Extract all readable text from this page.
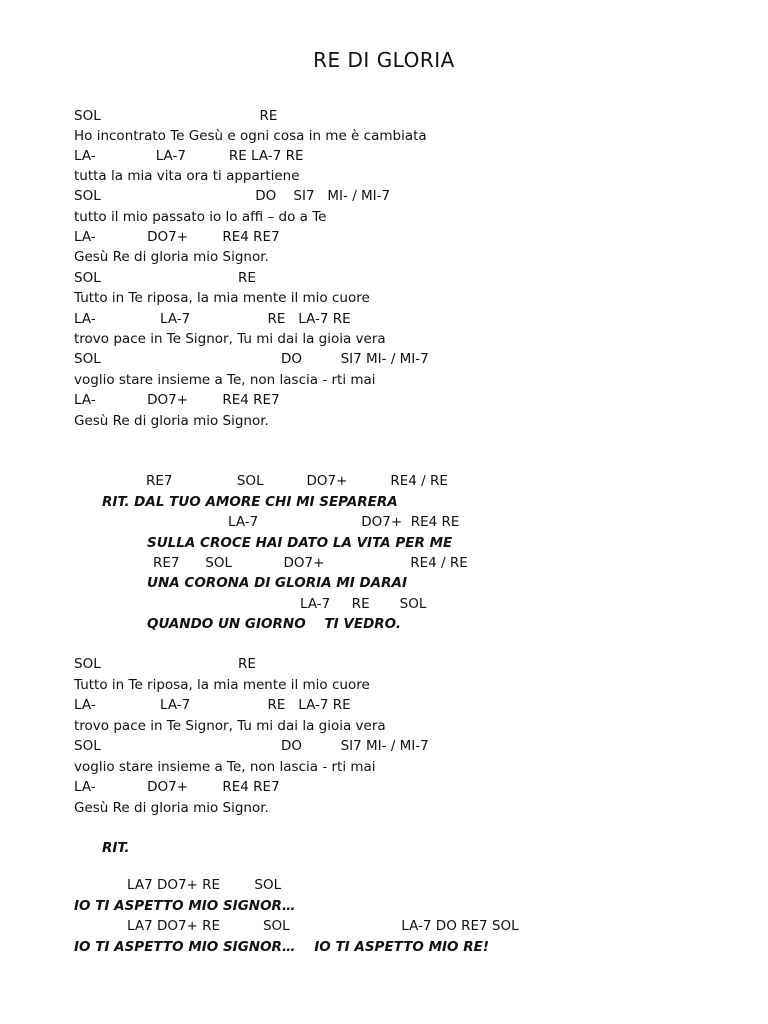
RE DI GLORIA
SOL                                     RE
Ho incontrato Te Gesù e ogni cosa in me è cambiata
LA-              LA-7          RE LA-7 RE
tutta la mia vita ora ti appartiene
SOL                                    DO    SI7   MI- / MI-7
tutto il mio passato io lo affi – do a Te
LA-            DO7+        RE4 RE7
Gesù Re di gloria mio Signor.
SOL                                RE
Tutto in Te riposa, la mia mente il mio cuore
LA-               LA-7                  RE   LA-7 RE
trovo pace in Te Signor, Tu mi dai la gioia vera
SOL                                          DO         SI7 MI- / MI-7
voglio stare insieme a Te, non lascia - rti mai
LA-            DO7+        RE4 RE7
Gesù Re di gloria mio Signor.
RE7               SOL          DO7+          RE4 / RE
RIT. DAL TUO AMORE CHI MI SEPARERA
LA-7                        DO7+  RE4 RE
SULLA CROCE HAI DATO LA VITA PER ME
RE7      SOL            DO7+                    RE4 / RE
UNA CORONA DI GLORIA MI DARAI
LA-7     RE       SOL
QUANDO UN GIORNO    TI VEDRO.
SOL                                RE
Tutto in Te riposa, la mia mente il mio cuore
LA-               LA-7                  RE   LA-7 RE
trovo pace in Te Signor, Tu mi dai la gioia vera
SOL                                          DO         SI7 MI- / MI-7
voglio stare insieme a Te, non lascia - rti mai
LA-            DO7+        RE4 RE7
Gesù Re di gloria mio Signor.
RIT.
LA7 DO7+ RE        SOL
IO TI ASPETTO MIO SIGNOR…
LA7 DO7+ RE          SOL                          LA-7 DO RE7 SOL
IO TI ASPETTO MIO SIGNOR…    IO TI ASPETTO MIO RE!
